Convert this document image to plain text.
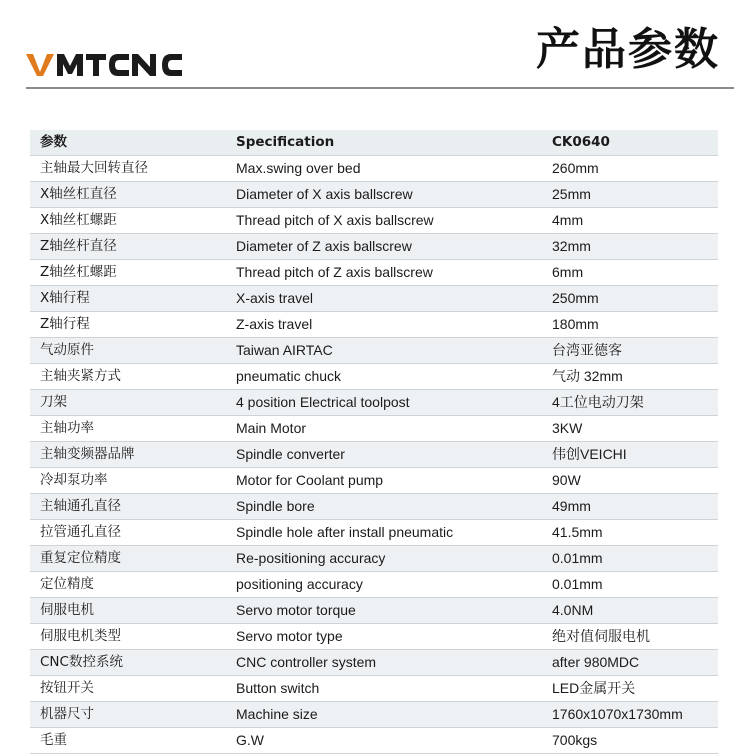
产品参数
参数	Specification	CK0640
主轴最大回转直径	Max.swing over bed	260mm
X轴丝杠直径	Diameter of X axis ballscrew	25mm
X轴丝杠螺距	Thread pitch of X axis ballscrew	4mm
Z轴丝杆直径	Diameter of Z axis ballscrew	32mm
Z轴丝杠螺距	Thread pitch of Z axis ballscrew	6mm
X轴行程	X-axis travel	250mm
Z轴行程	Z-axis travel	180mm
气动原件	Taiwan AIRTAC	台湾亚德客
主轴夹紧方式	pneumatic chuck	气动 32mm
刀架	4 position Electrical toolpost	4工位电动刀架
主轴功率	Main Motor	3KW
主轴变频器品牌	Spindle converter	伟创VEICHI
冷却泵功率	Motor for Coolant pump	90W
主轴通孔直径	Spindle bore	49mm
拉管通孔直径	Spindle hole after install pneumatic	41.5mm
重复定位精度	Re-positioning accuracy	0.01mm
定位精度	positioning accuracy	0.01mm
伺服电机	Servo motor torque	4.0NM
伺服电机类型	Servo motor type	绝对值伺服电机
CNC数控系统	CNC controller system	after 980MDC
按钮开关	Button switch	LED金属开关
机器尺寸	Machine size	1760x1070x1730mm
毛重	G.W	700kgs
